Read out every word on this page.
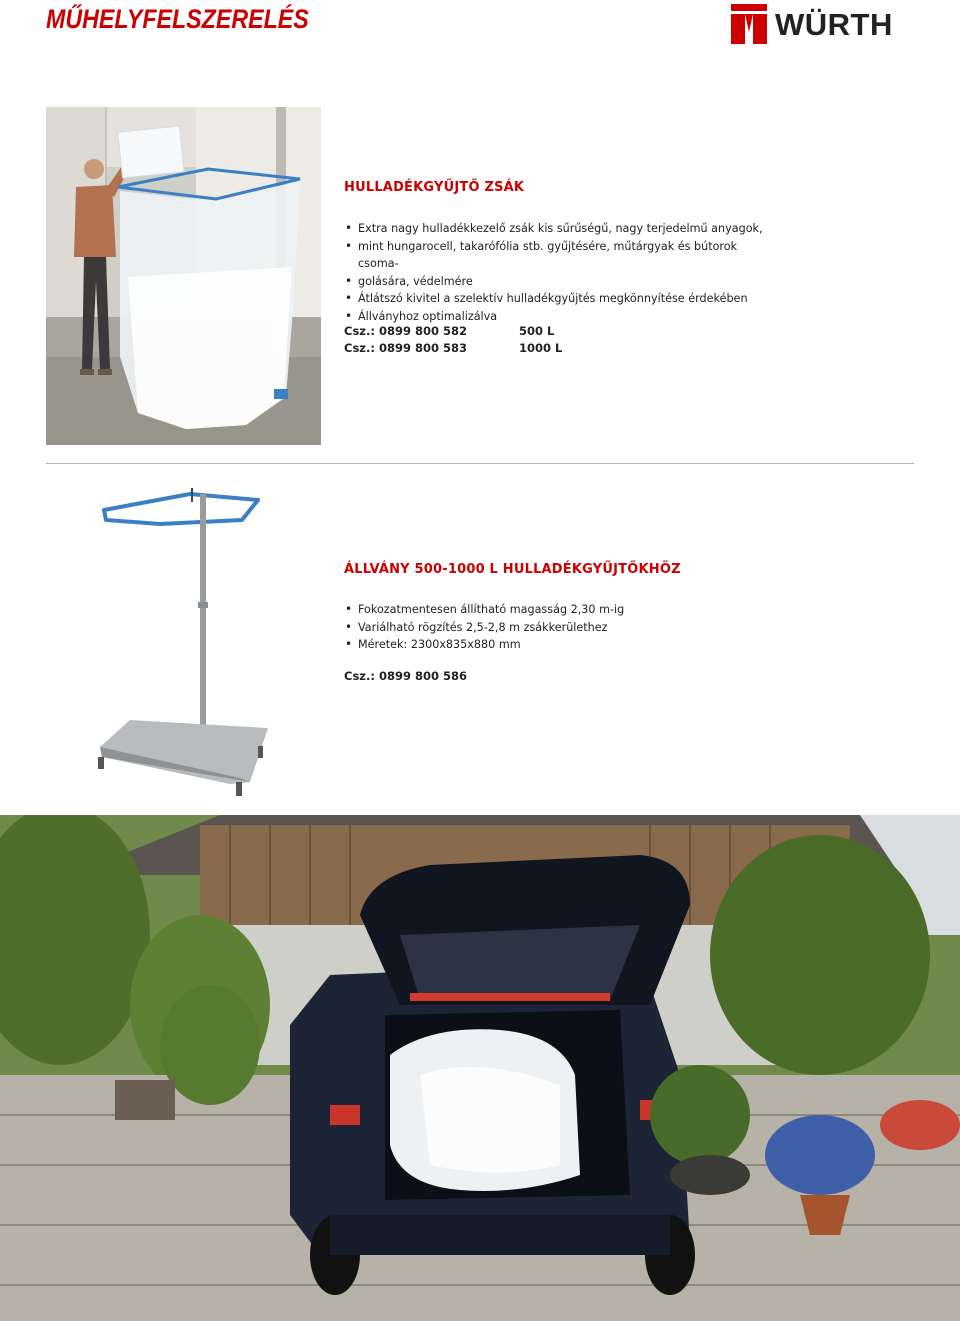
MŰHELYFELSZERELÉS	WÜRTH
HULLADÉKGYŰJTŐ ZSÁK
• Extra nagy hulladékkezelő zsák kis sűrűségű, nagy terjedelmű anyagok,
• mint hungarocell, takarófólia stb. gyűjtésére, műtárgyak és bútorok csoma-
• golására, védelmére
• Átlátszó kivitel a szelektív hulladékgyűjtés megkönnyítése érdekében
• Állványhoz optimalizálva
Csz.: 0899 800 582	500 L
Csz.: 0899 800 583	1000 L
ÁLLVÁNY 500-1000 L HULLADÉKGYŰJTŐKHÖZ
• Fokozatmentesen állítható magasság 2,30 m-ig
• Variálható rögzítés 2,5-2,8 m zsákkerülethez
• Méretek: 2300x835x880 mm
Csz.: 0899 800 586
